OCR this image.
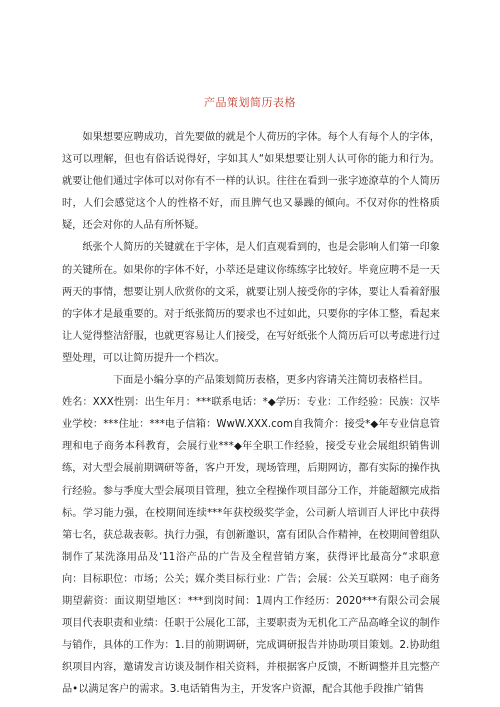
产品策划简历表格

如果想要应聘成功，首先要做的就是个人荷历的字体。每个人有每个人的字体，这可以理解，但也有俗话说得好，字如其人“如果想要让别人认可你的能力和行为。就要让他们通过字体可以对你有不一样的认识。往往在看到一张字迹潦草的个人简历时，人们会感觉这个人的性格不好，而且脾气也又暴躁的倾向。不仅对你的性格质疑，还会对你的人品有所怀疑。

纸张个人简历的关键就在于字体，是人们直观看到的，也是会影响人们第一印象的关键所在。如果你的字体不好，小萃还是建议你练练字比较好。毕竟应聘不是一天两天的事情，想要让别人欣赏你的文采，就要让别人接受你的字体，要让人看着舒服的字体才是最重要的。对于纸张简历的要求也不过如此，只要你的字体工整，看起来让人觉得整洁舒服，也就更容易让人们接受，在写好纸张个人简历后可以考虑进行过塑处理，可以让简历提升一个档次。

下面是小编分享的产品策划简历表格，更多内容请关注简切表格栏目。

姓名：XXX性别：出生年月：***联系电话：*◆学历：专业：工作经验：民族：汉毕业学校：***住址：***电子信箱：WwW.XXX.com自我简介：接受*◆年专业信息管理和电子商务本科教育，会展行业***◆年全职工作经验，接受专业会展组织销售训练，对大型会展前期调研等备，客户开发，现场管理，后期网访，都有实际的操作执行经验。参与季度大型会展项目管理，独立全程操作项目部分工作，并能超额完成指标。学习能力强，在校期间连续***年获校级奖学金，公司新人培训百人评比中获得第七名，获总裁表彰。执行力强，有创新邀识，富有团队合作精神，在校期间曾组队制作了某洗涤用品及‘11浴产品的广告及全程营销方案，获得评比最高分“求职意向：目标职位：市场；公关；媒介类目标行业：广告；会展：公关互联网：电子商务期望薪资：面议期望地区：***到岗时间：1周内工作经历：2020***有限公司会展项目代表职责和业绩：任职于公展化工部，主要职责为无机化工产品高峰全议的制作与销作，具体的工作为：1.目的前期调研，完成调研报告并协助项目策划。2.协助组织项目内容，邀请发言访谈及制作相关资料，并根据客户反馈，不断调整并且完整产品•以满足客户的需求。3.电话销售为主，开发客户资源，配合其他手段推广销售
